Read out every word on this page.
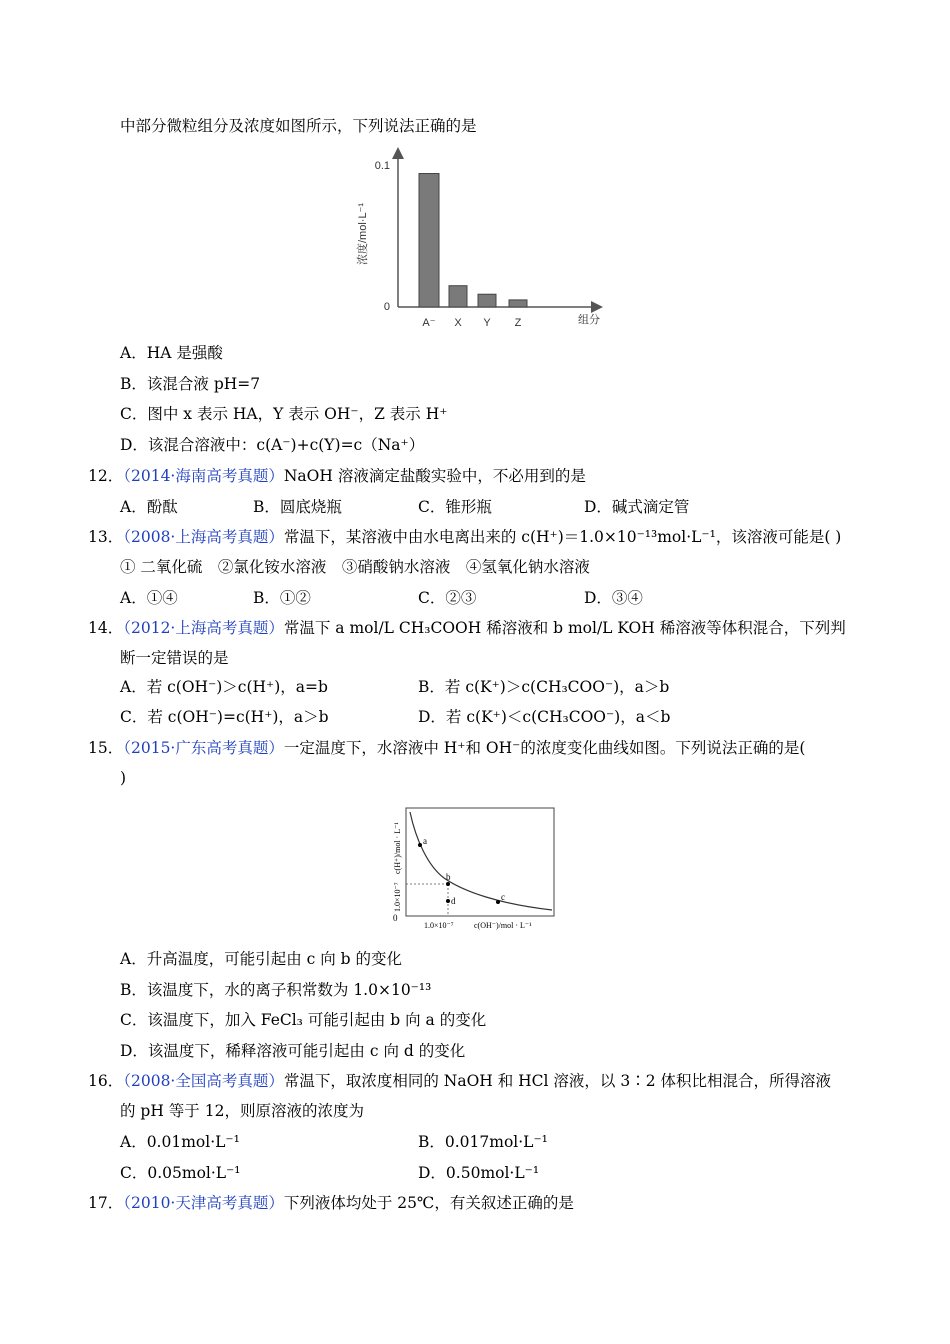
中部分微粒组分及浓度如图所示，下列说法正确的是
0.1
0
浓度/mol·L⁻¹
A⁻ X Y Z	组分
A．HA 是强酸
B．该混合液 pH=7
C．图中 x 表示 HA，Y 表示 OH⁻，Z 表示 H⁺
D．该混合溶液中：c(A⁻)+c(Y)=c（Na⁺）
12．（2014·海南高考真题）NaOH 溶液滴定盐酸实验中，不必用到的是
A．酚酞	B．圆底烧瓶	C．锥形瓶	D．碱式滴定管
13．（2008·上海高考真题）常温下，某溶液中由水电离出来的 c(H⁺)＝1.0×10⁻¹³mol·L⁻¹，该溶液可能是( )
① 二氧化硫　②氯化铵水溶液　③硝酸钠水溶液　④氢氧化钠水溶液
A．①④	B．①②	C．②③	D．③④
14．（2012·上海高考真题）常温下 a mol/L CH₃COOH 稀溶液和 b mol/L KOH 稀溶液等体积混合，下列判
断一定错误的是
A．若 c(OH⁻)＞c(H⁺)，a=b	B．若 c(K⁺)＞c(CH₃COO⁻)，a＞b
C．若 c(OH⁻)=c(H⁺)，a＞b	D．若 c(K⁺)＜c(CH₃COO⁻)，a＜b
15．（2015·广东高考真题）一定温度下，水溶液中 H⁺和 OH⁻的浓度变化曲线如图。下列说法正确的是(
)
a
b
c
d
0
1.0×10⁻⁷
c(H⁺)/mol · L⁻¹
1.0×10⁻⁷	c(OH⁻)/mol · L⁻¹
A．升高温度，可能引起由 c 向 b 的变化
B．该温度下，水的离子积常数为 1.0×10⁻¹³
C．该温度下，加入 FeCl₃ 可能引起由 b 向 a 的变化
D．该温度下，稀释溶液可能引起由 c 向 d 的变化
16．（2008·全国高考真题）常温下，取浓度相同的 NaOH 和 HCl 溶液，以 3∶2 体积比相混合，所得溶液
的 pH 等于 12，则原溶液的浓度为
A．0.01mol·L⁻¹	B．0.017mol·L⁻¹
C．0.05mol·L⁻¹	D．0.50mol·L⁻¹
17．（2010·天津高考真题）下列液体均处于 25℃，有关叙述正确的是
